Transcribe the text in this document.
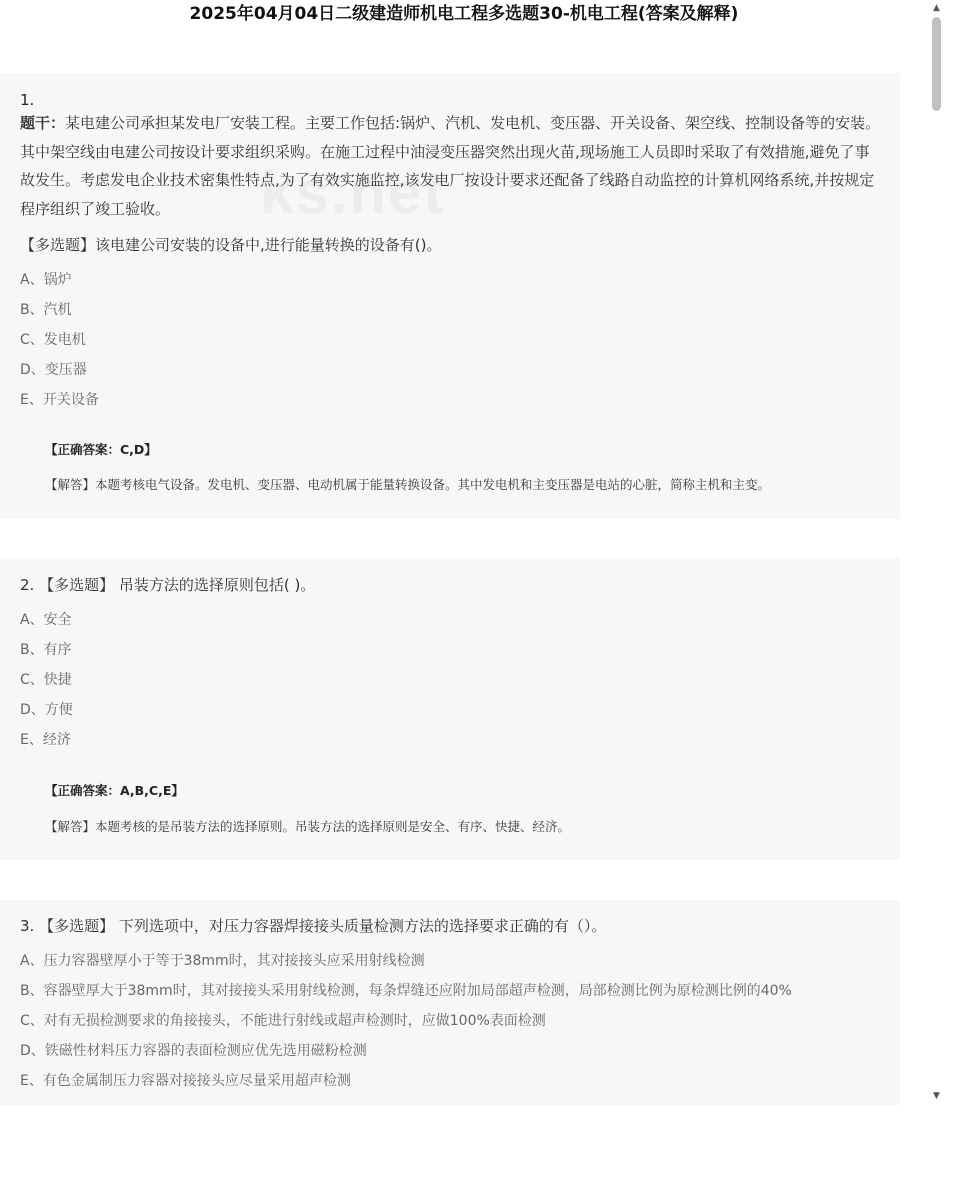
2025年04月04日二级建造师机电工程多选题30-机电工程(答案及解释)
1.

题干：某电建公司承担某发电厂安装工程。主要工作包括:锅炉、汽机、发电机、变压器、开关设备、架空线、控制设备等的安装。其中架空线由电建公司按设计要求组织采购。在施工过程中油浸变压器突然出现火苗,现场施工人员即时采取了有效措施,避免了事故发生。考虑发电企业技术密集性特点,为了有效实施监控,该发电厂按设计要求还配备了线路自动监控的计算机网络系统,并按规定程序组织了竣工验收。

【多选题】该电建公司安装的设备中,进行能量转换的设备有()。
A、锅炉
B、汽机
C、发电机
D、变压器
E、开关设备
【正确答案：C,D】
【解答】本题考核电气设备。发电机、变压器、电动机属于能量转换设备。其中发电机和主变压器是电站的心脏，简称主机和主变。
2. 【多选题】 吊装方法的选择原则包括( )。
A、安全
B、有序
C、快捷
D、方便
E、经济
【正确答案：A,B,C,E】
【解答】本题考核的是吊装方法的选择原则。吊装方法的选择原则是安全、有序、快捷、经济。
3. 【多选题】 下列选项中，对压力容器焊接接头质量检测方法的选择要求正确的有（）。
A、压力容器壁厚小于等于38mm时，其对接接头应采用射线检测
B、容器壁厚大于38mm时，其对接接头采用射线检测，每条焊缝还应附加局部超声检测，局部检测比例为原检测比例的40%
C、对有无损检测要求的角接接头，不能进行射线或超声检测时，应做100%表面检测
D、铁磁性材料压力容器的表面检测应优先选用磁粉检测
E、有色金属制压力容器对接接头应尽量采用超声检测
▲
▼
